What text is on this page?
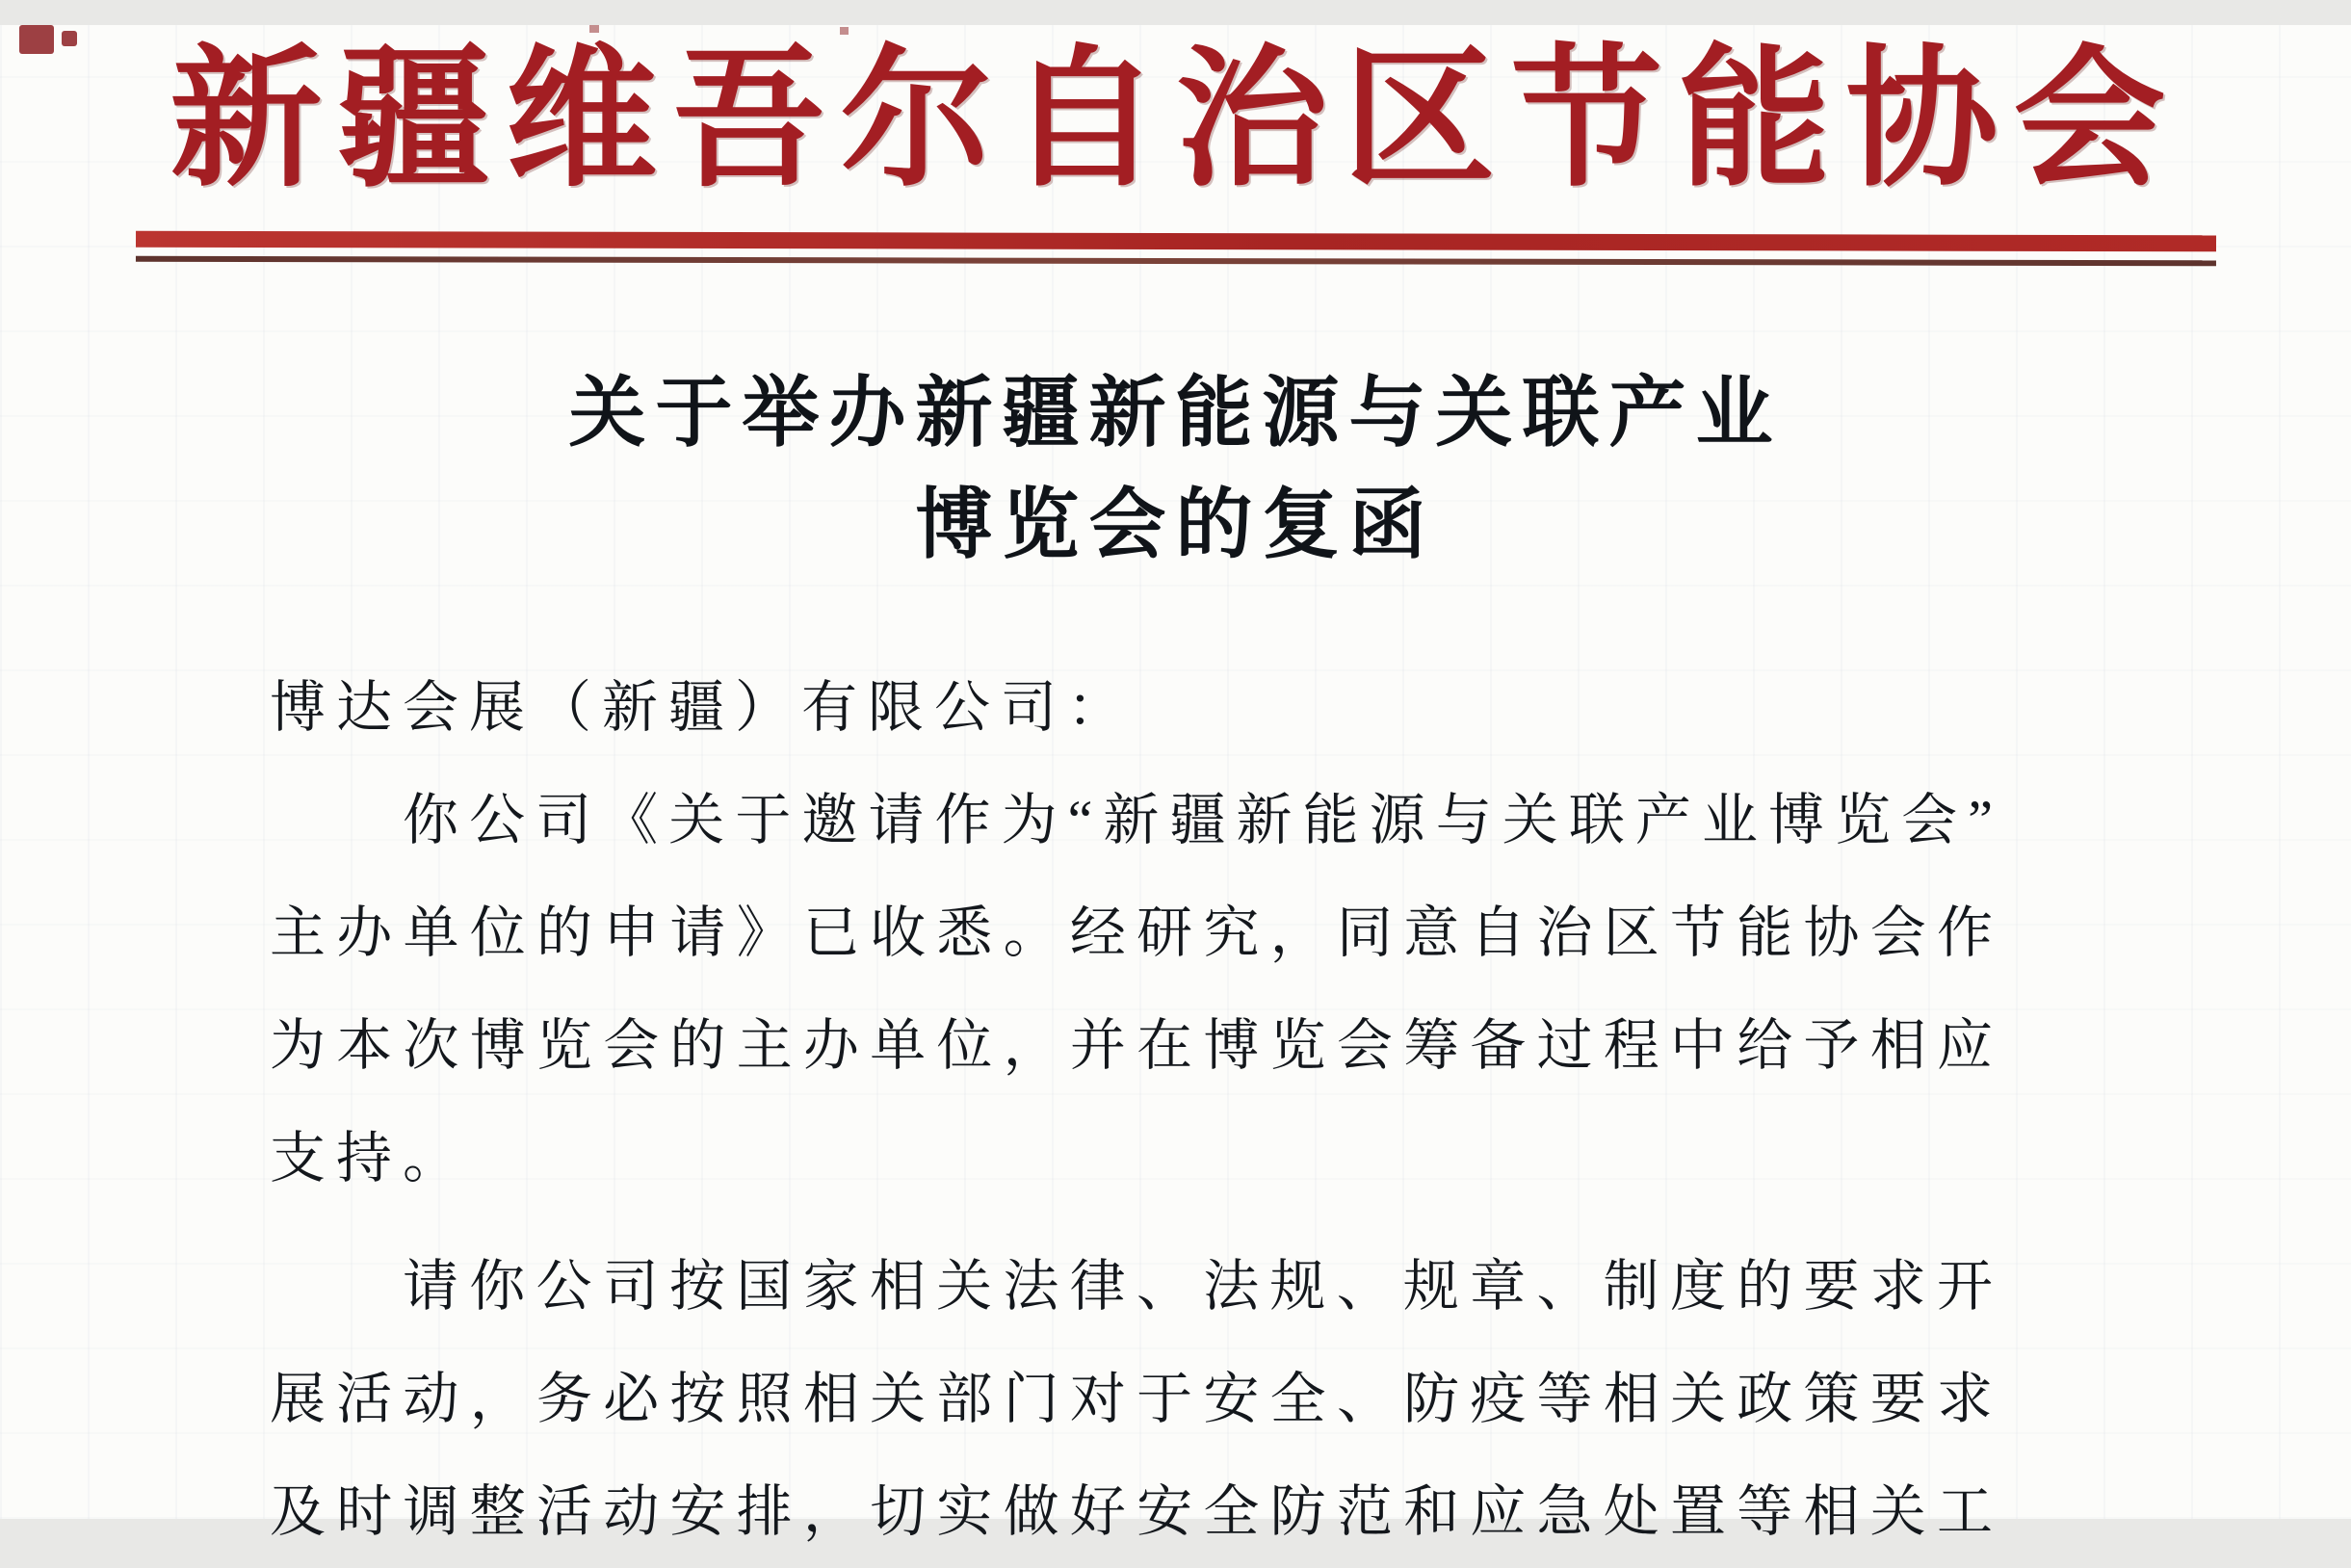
新疆维吾尔自治区节能协会
关于举办新疆新能源与关联产业
博览会的复函
博达会展（新疆）有限公司：
你公司《关于邀请作为“新疆新能源与关联产业博览会”
主办单位的申请》已收悉。经研究，同意自治区节能协会作
为本次博览会的主办单位，并在博览会筹备过程中给予相应
支持。
请你公司按国家相关法律、法规、规章、制度的要求开
展活动，务必按照相关部门对于安全、防疫等相关政策要求
及时调整活动安排，切实做好安全防范和应急处置等相关工
